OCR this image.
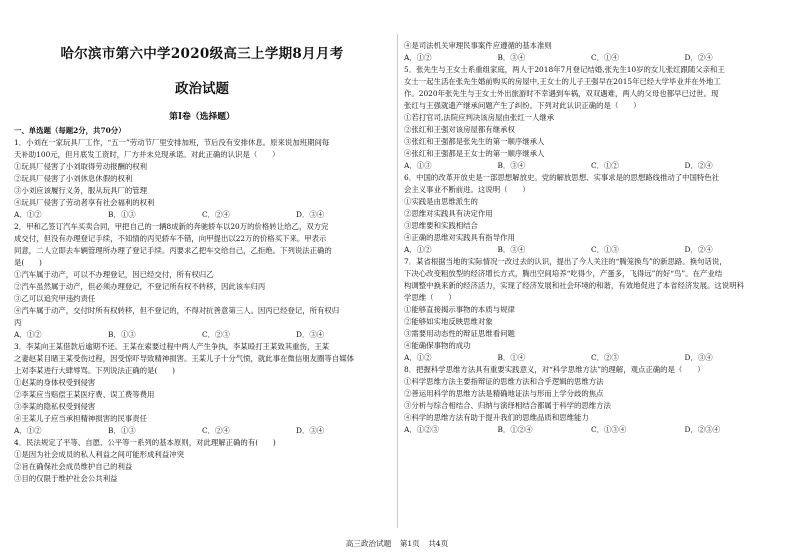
哈尔滨市第六中学2020级高三上学期8月月考
政治试题
第Ⅰ卷（选择题）
一、单选题（每题2分，共70分）

1．小刘在一家玩具厂工作，“五一”劳动节厂里安排加班，节后没有安排休息。原来说加班期间每

天补助100元，但月底发工资时，厂方并未兑现承诺。对此正确的认识是（　　）

①玩具厂侵害了小刘取得劳动报酬的权利

②玩具厂侵害了小刘休息休假的权利

③小刘应该履行义务，服从玩具厂的管理

④玩具厂侵害了劳动者享有社会福利的权利

A．①②	B．①③	C．②④	D．③④

2．甲和乙签订汽车买卖合同，甲把自己的一辆8成新的奔驰轿车以20万的价格转让给乙，双方完

成交付，但没有办理登记手续，不知情的丙见轿车不错，向甲提出以22万的价格买下来。甲表示

同意，二人立即去车辆管理所办理了登记手续。丙要求乙把车交给自己，乙拒绝。下列说法正确的

是(　　)

①汽车属于动产，可以不办理登记，因已经交付，所有权归乙

②汽车虽然属于动产，但必须办理登记，不登记所有权不转移，因此该车归丙

③乙可以追究甲违约责任

④汽车属于动产，交付时所有权转移，但不登记的，不得对抗善意第三人。因丙已经登记，所有权归

丙

A．①②	B．①③	C．②③	D．③④

3．李某向王某借款后逾期不还。王某在索要过程中两人产生争执，李某殴打王某致其重伤，王某

之妻赵某目睹王某受伤过程，因受惊吓导致精神损害。王某儿子十分气愤，就此事在微信朋友圈等自媒体

上对李某进行大肆辱骂。下列说法正确的是(　　)

①赵某的身体权受到侵害

②李某应当赔偿王某医疗费、误工费等费用

③李某的隐私权受到侵害

④王某儿子应当承担精神损害的民事责任

A．①②	B．①③	C．②④	D．③④

4．民法规定了平等、自愿、公平等一系列的基本原则，对此理解正确的有(　　)

①是因为社会成员的私人利益之间可能形成利益冲突

②旨在确保社会成员维护自己的利益

③目的仅限于维护社会公共利益

④是司法机关审理民事案件应遵循的基本准则

A．①②	B．③④	C．①④	D．②④

5．张先生与王女士系重组家庭，两人于2018年7月登记结婚,张先生10岁的女儿张红跟随父亲和王

女士一起生活在张先生婚前购买的房屋中,王女士的儿子王强早在2015年已经大学毕业并在外地工

作。2020年张先生与王女士外出旅游时不幸遇到车祸，双双遇难，两人的父母也都早已过世。现

张红与王强就遗产继承问题产生了纠纷。下列对此认识正确的是（　　）

①若打官司,法院应判决该房屋由张红一人继承

②张红和王强对该房屋都有继承权

③张红和王强都是张先生的第一顺序继承人

④张红和王强都是王女士的第一顺序继承人

A．①③	B．③④	C．①②	D．②④

6．中国的改革开放史是一部思想解放史。党的解放思想、实事求是的思想路线推动了中国特色社

会主义事业不断前进。这说明（　　）

①实践是由思维派生的

②思维对实践具有决定作用

③思维要和实践相结合

④正确的思维对实践具有指导作用

A．①②	B．③④	C．①③	D．②④

7．某省根据当地的实际情况一改过去的认识，提出了今人关注的“腾笼换鸟”的新思路。换句话说，

下决心改变粗放型的经济增长方式，腾出空间培养“吃得少，产蛋多，飞得远”的好“鸟”。在产业结

构调整中换来新的经济活力，实现了经济发展和社会环境的和谐，有效地促进了本省经济发展。这说明科

学思维（　　）

①能够直接揭示事物的本质与规律

②能够如实地反映思维对象

③需要用动态性的辩证思维看问题

④能确保事物的成功

A．①②	B．①④	C．②③	D．③④

8．把握科学思维方法具有重要实践意义，对“科学思维方法”的理解，观点正确的是（　　）

①科学思维方法主要指辩证的思维方法和合乎逻辑的思维方法

②善运用科学的思维方法是精确地证法与形而上学分歧的焦点

③分析与综合相结合、归纳与演绎相结合都属于科学的思维方法

④科学的思维方法有助于提升我们的思维品质和思维能力

A．①②③	B．①②④	C．①③④	D．②③④
高三政治试题 第1页 共4页
